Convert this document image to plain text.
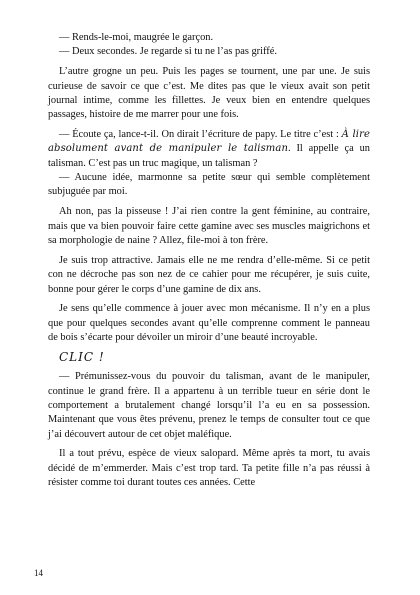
— Rends-le-moi, maugrée le garçon.

— Deux secondes. Je regarde si tu ne l’as pas griffé.

L’autre grogne un peu. Puis les pages se tournent, une par une. Je suis curieuse de savoir ce que c’est. Me dites pas que le vieux avait son petit journal intime, comme les fillettes. Je veux bien en entendre quelques passages, histoire de me marrer pour une fois.

— Écoute ça, lance-t-il. On dirait l’écriture de papy. Le titre c’est : À lire absolument avant de manipuler le talisman. Il appelle ça un talisman. C’est pas un truc magique, un talisman ?

— Aucune idée, marmonne sa petite sœur qui semble complètement subjuguée par moi.

Ah non, pas la pisseuse ! J’ai rien contre la gent féminine, au contraire, mais que va bien pouvoir faire cette gamine avec ses muscles maigrichons et sa morphologie de naine ? Allez, file-moi à ton frère.

Je suis trop attractive. Jamais elle ne me rendra d’elle-même. Si ce petit con ne décroche pas son nez de ce cahier pour me récupérer, je suis cuite, bonne pour gérer le corps d’une gamine de dix ans.

Je sens qu’elle commence à jouer avec mon mécanisme. Il n’y en a plus que pour quelques secondes avant qu’elle comprenne comment le panneau de bois s’écarte pour dévoiler un miroir d’une beauté incroyable.

CLIC !

— Prémunissez-vous du pouvoir du talisman, avant de le manipuler, continue le grand frère. Il a appartenu à un terrible tueur en série dont le comportement a brutalement changé lorsqu’il l’a eu en sa possession. Maintenant que vous êtes prévenu, prenez le temps de consulter tout ce que j’ai découvert autour de cet objet maléfique.

Il a tout prévu, espèce de vieux salopard. Même après ta mort, tu avais décidé de m’emmerder. Mais c’est trop tard. Ta petite fille n’a pas réussi à résister comme toi durant toutes ces années. Cette

14
